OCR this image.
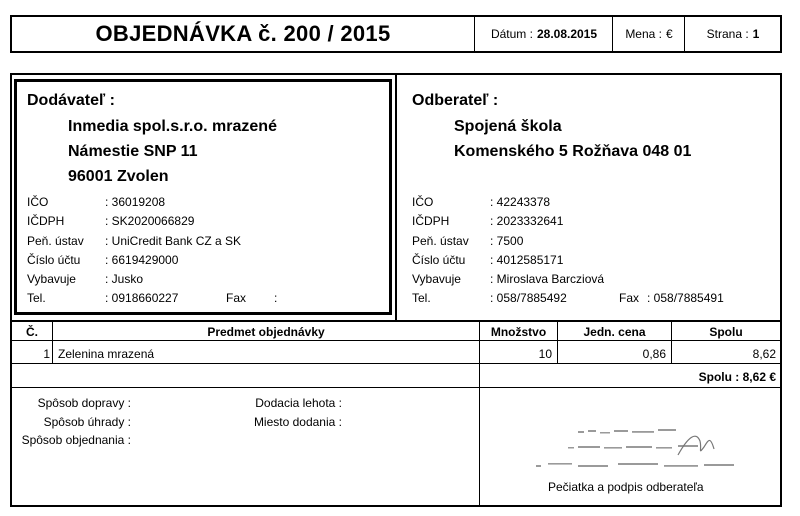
OBJEDNÁVKA č. 200 / 2015	Dátum : 28.08.2015 Mena : €	Strana : 1
Dodávateľ :
Inmedia spol.s.r.o. mrazené
Námestie SNP 11
96001 Zvolen
IČO	: 36019208
IČDPH	: SK2020066829
Peň. ústav : UniCredit Bank CZ a SK
Číslo účtu : 6619429000
Vybavuje : Jusko
Tel.	: 0918660227	Fax :
Odberateľ :
Spojená škola
Komenského 5 Rožňava 048 01
IČO	: 42243378
IČDPH	: 2023332641
Peň. ústav : 7500
Číslo účtu : 4012585171
Vybavuje : Miroslava Barcziová
Tel.	: 058/7885492	Fax : 058/7885491
Č.	Predmet objednávky	Množstvo	Jedn. cena	Spolu
1 Zelenina mrazená	10	0,86	8,62
Spolu : 8,62 €
Spôsob dopravy :
Spôsob úhrady :
Spôsob objednania :
Dodacia lehota :
Miesto dodania :
Pečiatka a podpis odberateľa
